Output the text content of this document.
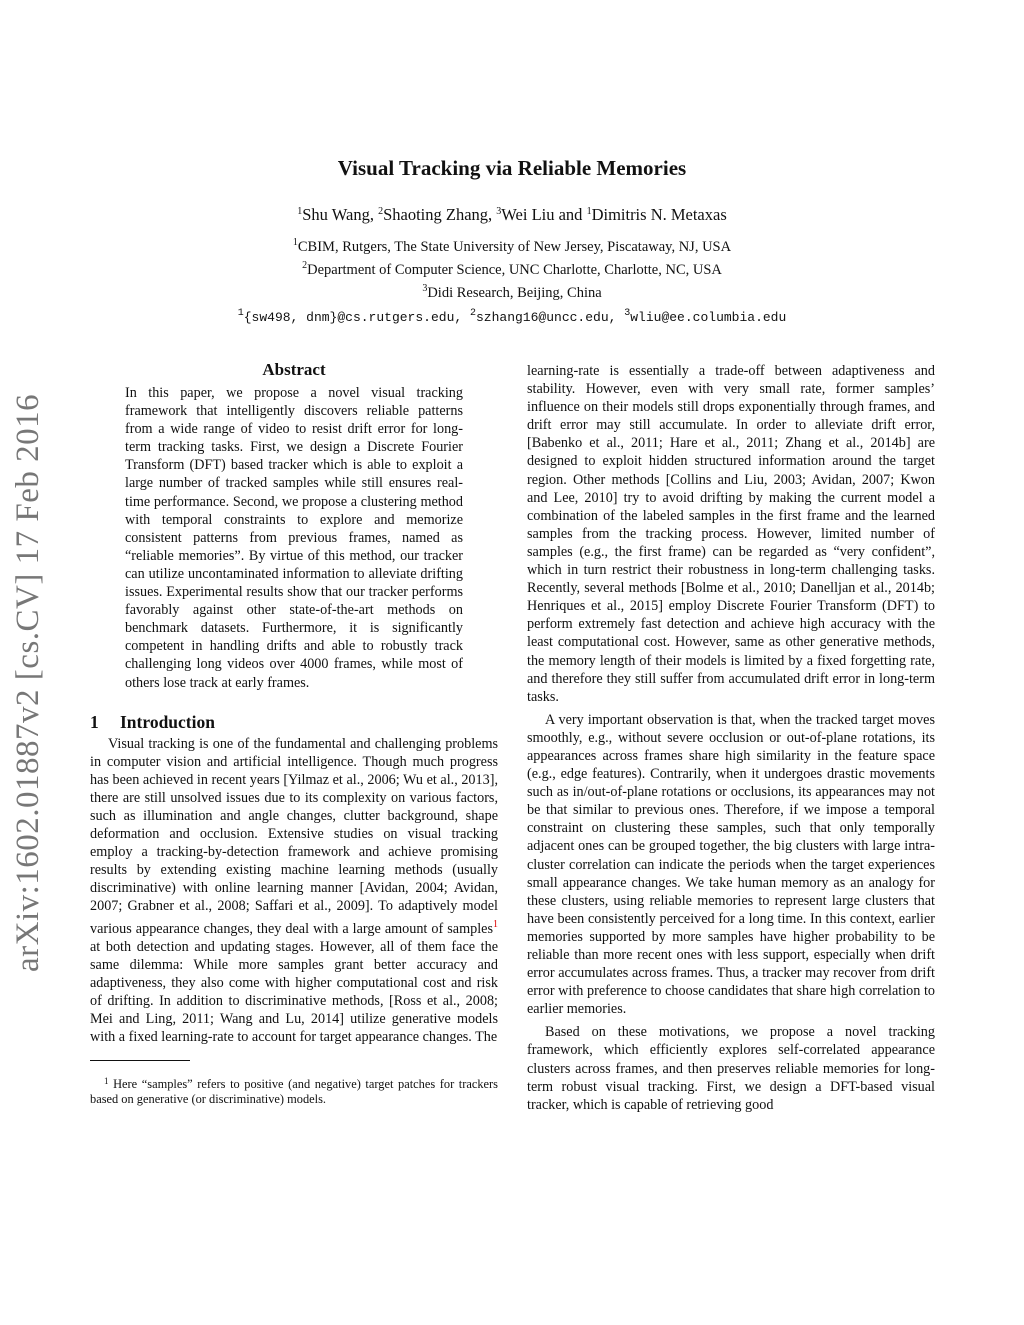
Visual Tracking via Reliable Memories
$^1$Shu Wang, $^2$Shaoting Zhang, $^3$Wei Liu and $^1$Dimitris N. Metaxas
$^1$CBIM, Rutgers, The State University of New Jersey, Piscataway, NJ, USA
$^2$Department of Computer Science, UNC Charlotte, Charlotte, NC, USA
$^3$Didi Research, Beijing, China
$^1${sw498, dnm}@cs.rutgers.edu, $^2$szhang16@uncc.edu, $^3$wliu@ee.columbia.edu
arXiv:1602.01887v2 [cs.CV] 17 Feb 2016
Abstract

In this paper, we propose a novel visual tracking framework that intelligently discovers reliable patterns from a wide range of video to resist drift error for long-term tracking tasks. First, we design a Discrete Fourier Transform (DFT) based tracker which is able to exploit a large number of tracked samples while still ensures real-time performance. Second, we propose a clustering method with temporal constraints to explore and memorize consistent patterns from previous frames, named as “reliable memories”. By virtue of this method, our tracker can utilize uncontaminated information to alleviate drifting issues. Experimental results show that our tracker performs favorably against other state-of-the-art methods on benchmark datasets. Furthermore, it is significantly competent in handling drifts and able to robustly track challenging long videos over 4000 frames, while most of others lose track at early frames.

1 Introduction

Visual tracking is one of the fundamental and challenging problems in computer vision and artificial intelligence. Though much progress has been achieved in recent years [Yilmaz et al., 2006; Wu et al., 2013], there are still unsolved issues due to its complexity on various factors, such as illumination and angle changes, clutter background, shape deformation and occlusion. Extensive studies on visual tracking employ a tracking-by-detection framework and achieve promising results by extending existing machine learning methods (usually discriminative) with online learning manner [Avidan, 2004; Avidan, 2007; Grabner et al., 2008; Saffari et al., 2009]. To adaptively model various appearance changes, they deal with a large amount of samples$^1$ at both detection and updating stages. However, all of them face the same dilemma: While more samples grant better accuracy and adaptiveness, they also come with higher computational cost and risk of drifting. In addition to discriminative methods, [Ross et al., 2008; Mei and Ling, 2011; Wang and Lu, 2014] utilize generative models with a fixed learning-rate to account for target appearance changes. The

$^1$ Here “samples” refers to positive (and negative) target patches for trackers based on generative (or discriminative) models.

learning-rate is essentially a trade-off between adaptiveness and stability. However, even with very small rate, former samples’ influence on their models still drops exponentially through frames, and drift error may still accumulate. In order to alleviate drift error, [Babenko et al., 2011; Hare et al., 2011; Zhang et al., 2014b] are designed to exploit hidden structured information around the target region. Other methods [Collins and Liu, 2003; Avidan, 2007; Kwon and Lee, 2010] try to avoid drifting by making the current model a combination of the labeled samples in the first frame and the learned samples from the tracking process. However, limited number of samples (e.g., the first frame) can be regarded as “very confident”, which in turn restrict their robustness in long-term challenging tasks. Recently, several methods [Bolme et al., 2010; Danelljan et al., 2014b; Henriques et al., 2015] employ Discrete Fourier Transform (DFT) to perform extremely fast detection and achieve high accuracy with the least computational cost. However, same as other generative methods, the memory length of their models is limited by a fixed forgetting rate, and therefore they still suffer from accumulated drift error in long-term tasks.

A very important observation is that, when the tracked target moves smoothly, e.g., without severe occlusion or out-of-plane rotations, its appearances across frames share high similarity in the feature space (e.g., edge features). Contrarily, when it undergoes drastic movements such as in/out-of-plane rotations or occlusions, its appearances may not be that similar to previous ones. Therefore, if we impose a temporal constraint on clustering these samples, such that only temporally adjacent ones can be grouped together, the big clusters with large intra-cluster correlation can indicate the periods when the target experiences small appearance changes. We take human memory as an analogy for these clusters, using reliable memories to represent large clusters that have been consistently perceived for a long time. In this context, earlier memories supported by more samples have higher probability to be reliable than more recent ones with less support, especially when drift error accumulates across frames. Thus, a tracker may recover from drift error with preference to choose candidates that share high correlation to earlier memories.

Based on these motivations, we propose a novel tracking framework, which efficiently explores self-correlated appearance clusters across frames, and then preserves reliable memories for long-term robust visual tracking. First, we design a DFT-based visual tracker, which is capable of retrieving good
